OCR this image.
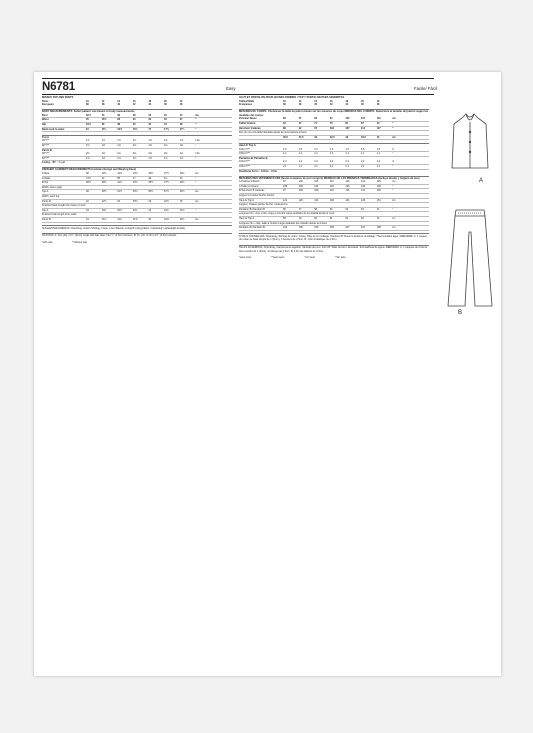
N6781	Easy	Facile/ Fácil
MISSES TOP AND PANTS
Sizes	10	12	14	16	18	20	22
European	36	38	40	42	44	46	48
BODY MEASUREMENTS: Select pattern size based on body measurements
Bust	32½	34	36	38	40	42	44	ins.
Waist	25	26½	28	30	32	34	37	"
Hip	34½	36	38	40	42	44	46	"
Back neck to waist	16	16¼	16½	16¾	17	17⅛	17¼	"
Top A
45"*/**	1⅝	1⅝	1⅝	1⅝	1⅝	1⅝	1⅝	Yds.
60"*/**	1⅛	1⅛	1⅛	1⅛	1⅛	1⅛	1⅛	"
Pants B
45"*/**	2⅛	2⅛	2⅛	2⅛	2⅛	2⅛	2⅛	Yds.
60"*/**	1⅝	1⅝	1⅝	1⅝	1⅝	1⅝	1⅝	"
Lining - 45" - ½ yd.
FINISHED GARMENT MEASUREMENTS (includes Design and Wearing Ease)
A Bust	38	39½	41½	43½	45½	47½	49½	ins.
A Waist	41½	42	85	47	49	51	53	"
B Hip	38½	39½	41½	43½	45½	47½	49½	"
Width, lower edge
Top A	48	49½	51½	53½	55½	57½	59½	ins.
Width, each leg
Pants B	22	22½	23	23½	24	24½	25	ins.
Finished back length from base of neck
Top A	23	23¼	23½	23¾	24	24¼	24½	"
Finished side length from waist
Pants B	41	41⅛	41¼	41⅜	42	42⅛	42¼	ins.
SUGGESTED FABRICS: Chambray, Cotton Shirting, Crepe, Linen Blends. Lining B Lining Fabric. Interfacing: Lightweight Fusible.
NOTIONS: A: One pkg. of ¼" (6mm) single fold bias tape, four ¾" (2.5cm) buttons. B: 1¾ yds. (1.6m) of 1" (2.5cm) elastic.
*with nap	**without nap
HAUT ET PANTALON POUR JEUNES FEMMES / TOP Y PANTALÓN PARA SEÑORITAS
Tailles/Tallas	10	12	14	16	18	20	22
Françaises	36	38	40	42	44	46	48
MESURES DU CORPS: Choisissez la taille du patron basée sur les mesures du corps MEDIDAS DEL CUERPO: Seleccione el tamaño del patrón segun las medidas del cuerpo
Poitrine/ Busto	83	87	92	97	102	107	112	cm
Taille/ Cintura	64	67	71	76	81	87	94	"
Hanches/ Caderas	88	92	97	102	107	112	117	"
Dos du cou à la taille/ Espalda desde la nuca hasta la cintura
40,5	41,5	42	42,5	43	43,5	44	cm
Haut A/ Top A
115cm*/**	1,5	1,5	1,5	1,5	1,5	1,5	1,5	m
150cm*/**	1,1	1,1	1,1	1,1	1,1	1,1	1,1	"
Pantalon B/ Pantalón B
115cm*/**	2,4	2,4	2,4	2,4	2,4	2,4	2,4	m
150cm*/**	2,1	2,1	2,1	2,1	2,1	2,1	2,1	"
Doublure/ Forro - 115cm - 0,5m
MESURES DES VÊTEMENTS FINI (Aisoll et aisance de port compris) MEDIDAS DE LAS PRENDAS TERMINADAS (Incluye diseño y holgura de uso)
A Poitrine/ A Busto	97	100	105	110	116	121	126	cm
A Taille/ A Cintura	105	109	114	120	125	130	135	"
B Hanches/ B Caderas	97	100	105	110	116	121	126	"
Largeur à l'ourlet/ Ancho inferior
Haut A/ Top A	122	126	131	136	141	146	151	cm
Largeur, chaque jambe/ Ancho, cada pierna
Pantalon B/ Pantalón B	56	57	58	60	61	62	64	"
Longueur fini - dos, entre nuque à l'ourlet/ Largo acabado de la espalda desde la nuca
Haut A/ Top A	58	59	60	61	62	62	62	cm
Longueur fini - côté, taille à l'ourlet/ Largo acabado del costado desde la cintura
Pantalon B/ Pantalón B	104	105	105	106	107	107	108	cm
TISSUS CONSEILLÉS: Chambray, Shirting de coton, Crêpe, Toile de lin mélangé. Doublure B Tissus à doublure. Entoilage: Thermocollant léger. MERCERIE: A: 1 paquet de ruban de biais simple de 1 (6mm), 4 boutons de 2,5cm. B: 1,6m d'élastique de 2,5cm.
TELAS SUGERIDAS: Chambray, Camisería de algodón, Mezclas de Lino. Forro B: Telas de forro. Entretela: Termoadherente ligera. MERCERÍA: A: 1 paquete de cinta de bies sencillo de 1 (6mm), 4 botones de 2,5cm. B: 1,6m de elástico de 2,5cm.
*avec sens	**sans sens	*con pelo	**sin pelo
A
B
